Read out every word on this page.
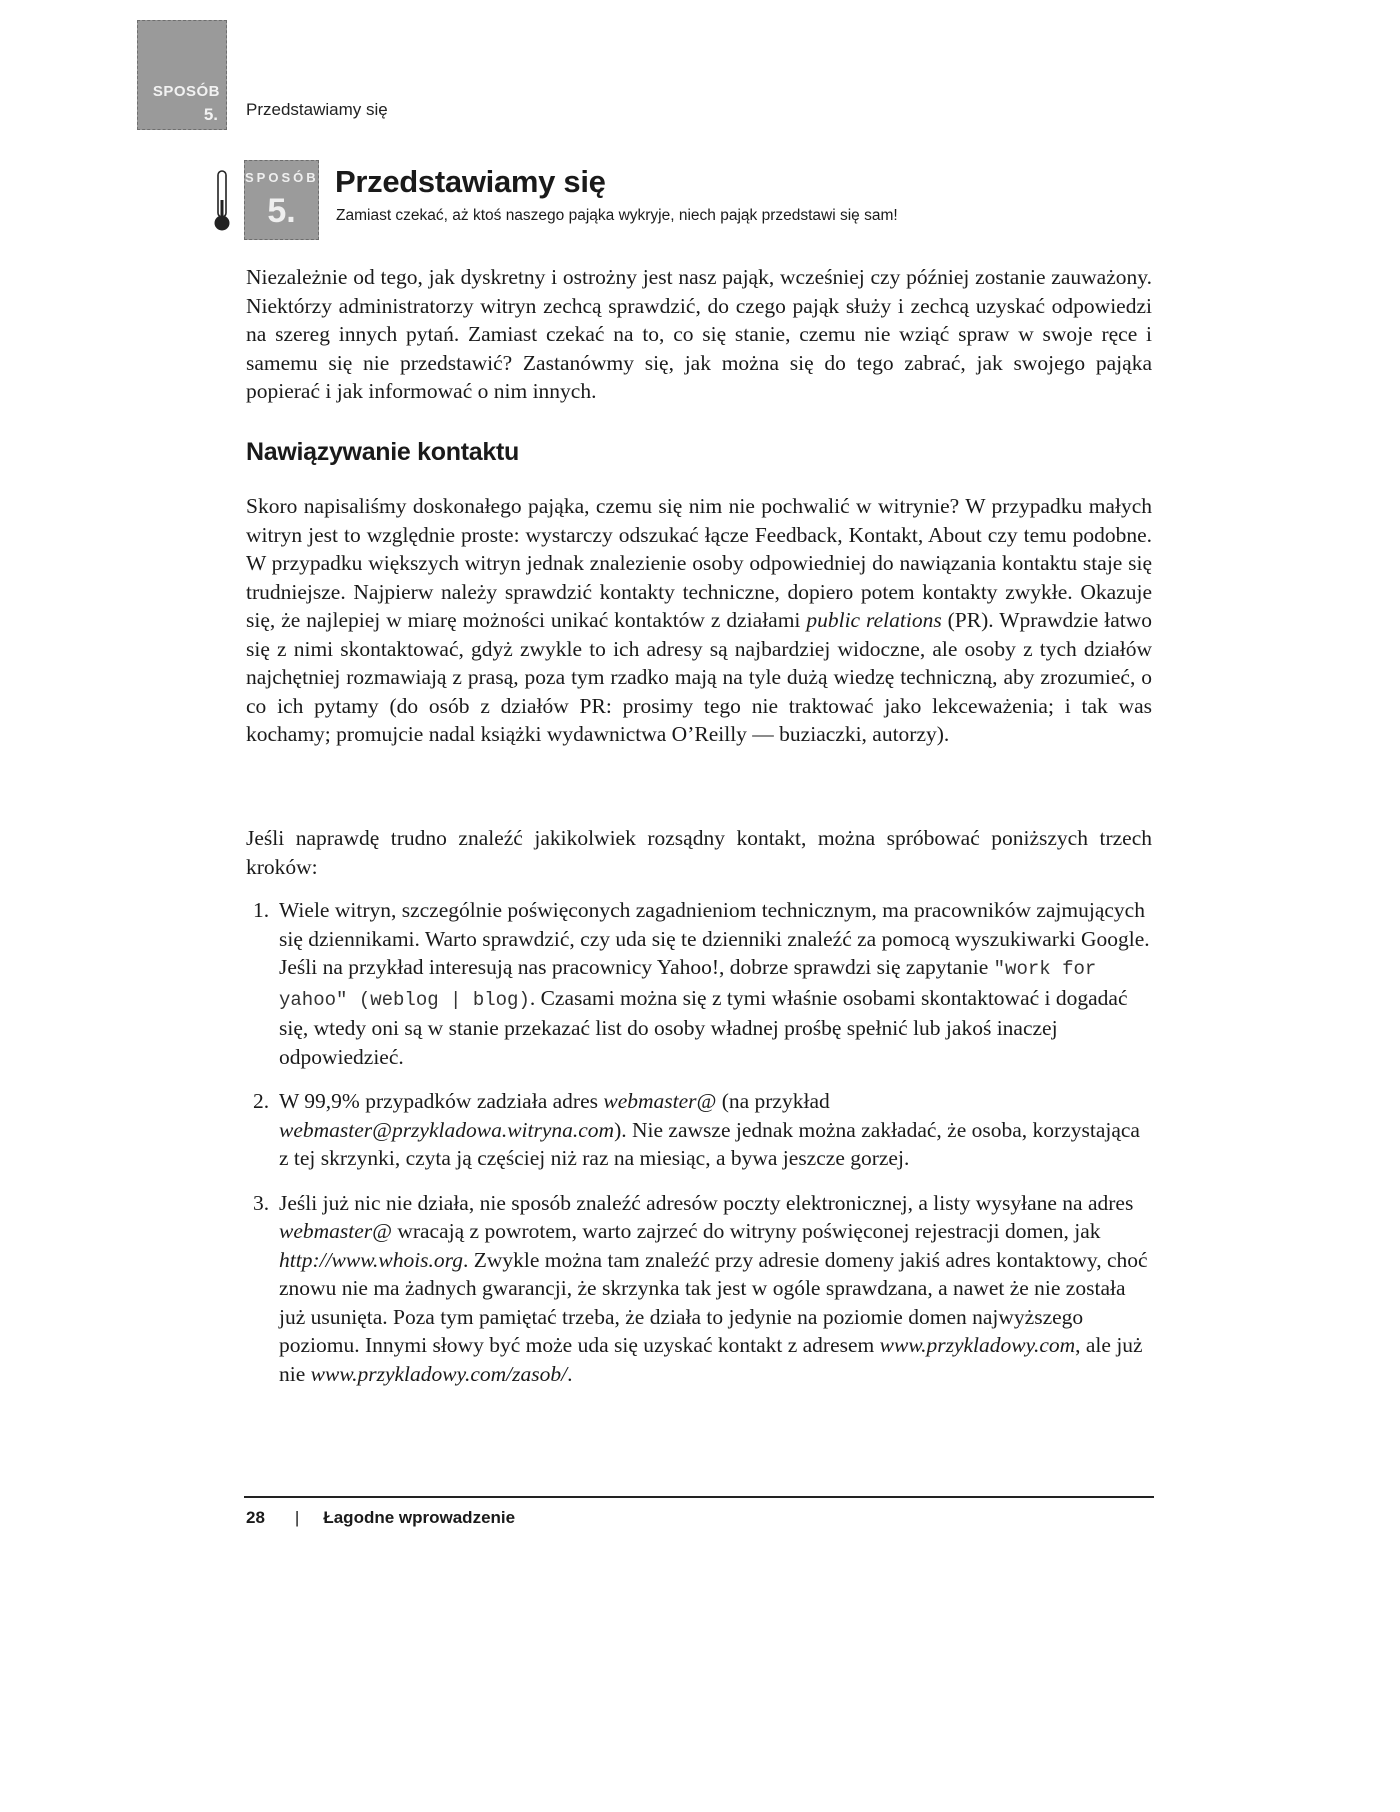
SPOSÓB
5. Przedstawiamy się
SPOSÓB
5.
Przedstawiamy się
Zamiast czekać, aż ktoś naszego pająka wykryje, niech pająk przedstawi się sam!

Niezależnie od tego, jak dyskretny i ostrożny jest nasz pająk, wcześniej czy później zostanie zauważony. Niektórzy administratorzy witryn zechcą sprawdzić, do czego pająk służy i zechcą uzyskać odpowiedzi na szereg innych pytań. Zamiast czekać na to, co się stanie, czemu nie wziąć spraw w swoje ręce i samemu się nie przedstawić? Zastanówmy się, jak można się do tego zabrać, jak swojego pająka popierać i jak informować o nim innych.

Nawiązywanie kontaktu

Skoro napisaliśmy doskonałego pająka, czemu się nim nie pochwalić w witrynie? W przypadku małych witryn jest to względnie proste: wystarczy odszukać łącze Feedback, Kontakt, About czy temu podobne. W przypadku większych witryn jednak znalezienie osoby odpowiedniej do nawiązania kontaktu staje się trudniejsze. Najpierw należy sprawdzić kontakty techniczne, dopiero potem kontakty zwykłe. Okazuje się, że najlepiej w miarę możności unikać kontaktów z działami public relations (PR). Wprawdzie łatwo się z nimi skontaktować, gdyż zwykle to ich adresy są najbardziej widoczne, ale osoby z tych działów najchętniej rozmawiają z prasą, poza tym rzadko mają na tyle dużą wiedzę techniczną, aby zrozumieć, o co ich pytamy (do osób z działów PR: prosimy tego nie traktować jako lekceważenia; i tak was kochamy; promujcie nadal książki wydawnictwa O’Reilly — buziaczki, autorzy).

Jeśli naprawdę trudno znaleźć jakikolwiek rozsądny kontakt, można spróbować poniższych trzech kroków:

1. Wiele witryn, szczególnie poświęconych zagadnieniom technicznym, ma pracowników zajmujących się dziennikami. Warto sprawdzić, czy uda się te dzienniki znaleźć za pomocą wyszukiwarki Google. Jeśli na przykład interesują nas pracownicy Yahoo!, dobrze sprawdzi się zapytanie "work for yahoo" (weblog | blog). Czasami można się z tymi właśnie osobami skontaktować i dogadać się, wtedy oni są w stanie przekazać list do osoby władnej prośbę spełnić lub jakoś inaczej odpowiedzieć.
2. W 99,9% przypadków zadziała adres webmaster@ (na przykład webmaster@przykladowa.witryna.com). Nie zawsze jednak można zakładać, że osoba, korzystająca z tej skrzynki, czyta ją częściej niż raz na miesiąc, a bywa jeszcze gorzej.
3. Jeśli już nic nie działa, nie sposób znaleźć adresów poczty elektronicznej, a listy wysyłane na adres webmaster@ wracają z powrotem, warto zajrzeć do witryny poświęconej rejestracji domen, jak http://www.whois.org. Zwykle można tam znaleźć przy adresie domeny jakiś adres kontaktowy, choć znowu nie ma żadnych gwarancji, że skrzynka tak jest w ogóle sprawdzana, a nawet że nie została już usunięta. Poza tym pamiętać trzeba, że działa to jedynie na poziomie domen najwyższego poziomu. Innymi słowy być może uda się uzyskać kontakt z adresem www.przykladowy.com, ale już nie www.przykladowy.com/zasob/.
28 | Łagodne wprowadzenie
